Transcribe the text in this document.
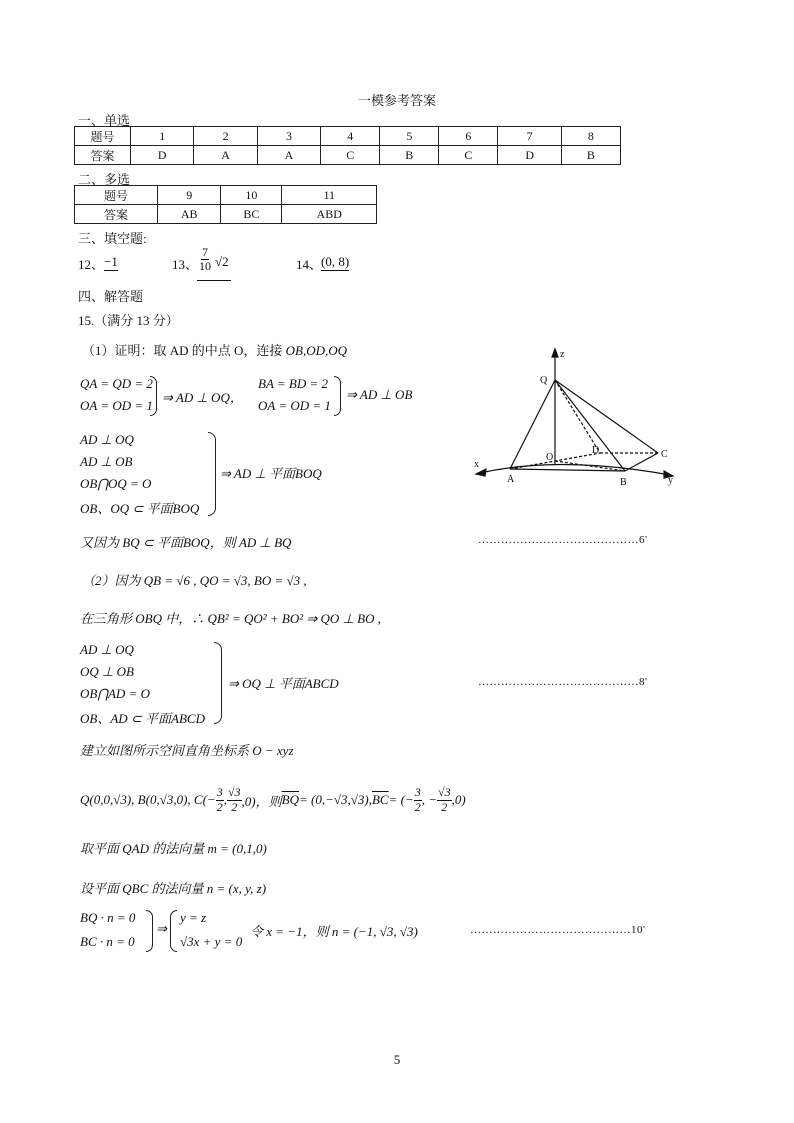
一模参考答案
一、单选
题号	1	2	3	4	5	6	7	8
答案	D	A	A	C	B	C	D	B
二、多选
题号	9	10	11
答案	AB	BC	ABD
三、填空题:
12、 −1	13、 $\frac{7}{10} √2$	14、
(0, 8)
四、解答题
15.（满分 13 分）
（1）证明：取 AD 的中点 O，连接 OB,OD,OQ
QA = QD = 2
OA = OD = 1
⇒ AD ⊥ OQ，
BA = BD = 2
OA = OD = 1
⇒ AD ⊥ OB
AD ⊥ OQ
AD ⊥ OB
OB⋂OQ = O
OB、OQ ⊂ 平面BOQ
⇒ AD ⊥ 平面BOQ
又因为 BQ ⊂ 平面BOQ，则 AD ⊥ BQ	……………………………………6'
（2）因为 QB = √6 , QO = √3, BO = √3 ,
在三角形 OBQ 中，∴ QB² = QO² + BO² ⇒ QO ⊥ BO ,
AD ⊥ OQ
OQ ⊥ OB
OB⋂AD = O
OB、AD ⊂ 平面ABCD
⇒ OQ ⊥ 平面ABCD	……………………………………8'
建立如图所示空间直角坐标系 O − xyz
Q(0,0,√3), B(0,√3,0), $C(- \frac{3}{2}$ , $\frac{√3}{2} ,0$)，则 $\overline{BQ} = (0,-√3,√3)$, $\overline{BC}$ = (− $\frac{3}{2}$ , − $\frac{√3}{2} ,0$)
取平面 QAD 的法向量 m = (0,1,0)
设平面 QBC 的法向量 n = (x, y, z)
BQ · n = 0
BC · n = 0
⇒
y = z
√3x + y = 0
令 x = −1，则 n = (−1, √3, √3)	……………………………………10'
z
Q
O
D	C
x
A	B	y
5
